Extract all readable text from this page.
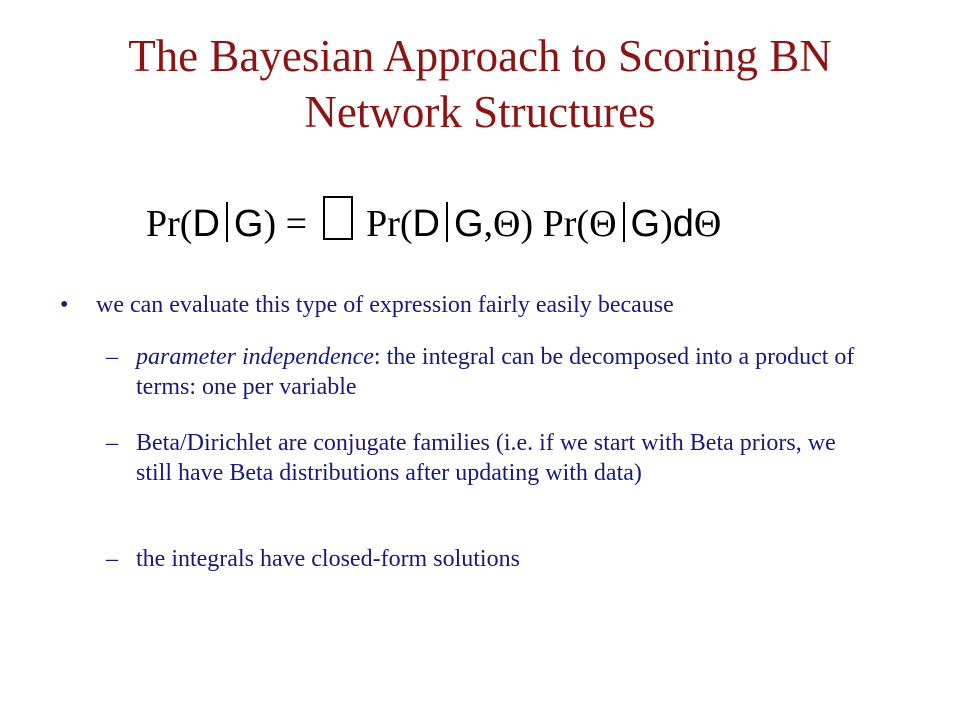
The Bayesian Approach to Scoring BN
Network Structures
Pr(D G) = Pr(D G,Θ) Pr(Θ G)dΘ
• we can evaluate this type of expression fairly easily because
– parameter independence: the integral can be decomposed into a product of terms: one per variable
– Beta/Dirichlet are conjugate families (i.e. if we start with Beta priors, we still have Beta distributions after updating with data)
– the integrals have closed-form solutions
